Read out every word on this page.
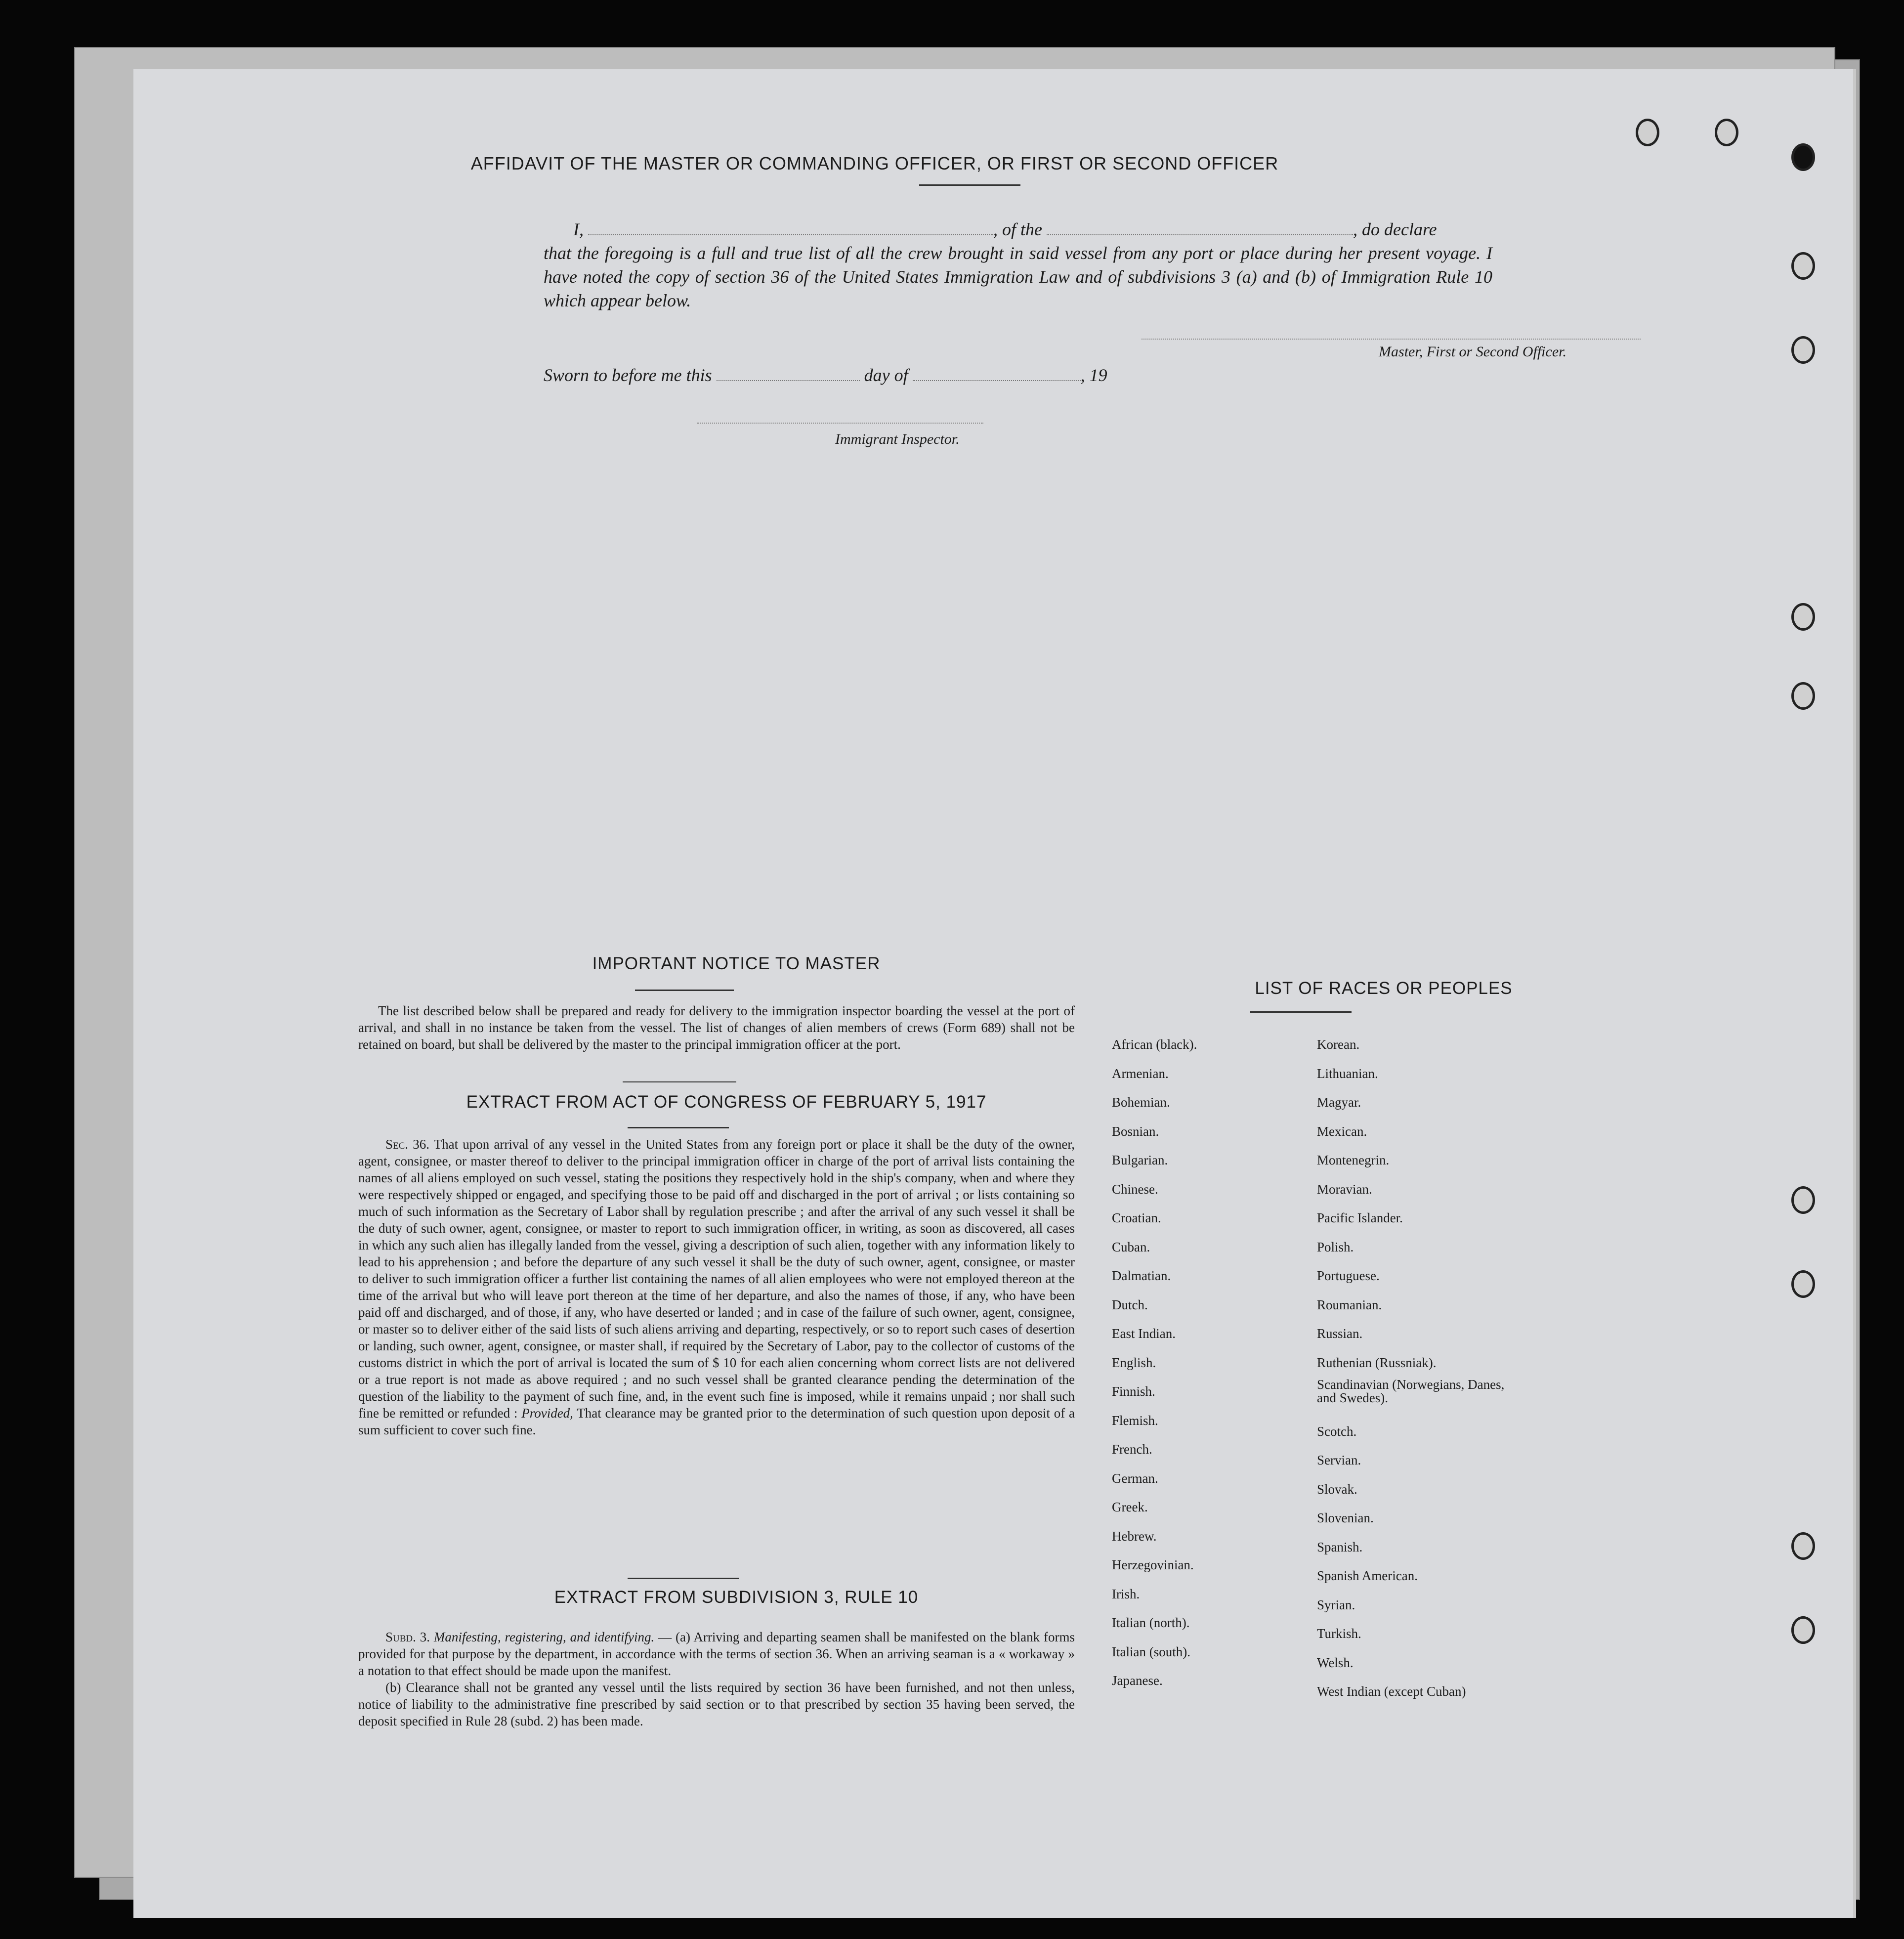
AFFIDAVIT OF THE MASTER OR COMMANDING OFFICER, OR FIRST OR SECOND OFFICER
I,	, of the	, do declare
that the foregoing is a full and true list of all the crew brought in said vessel from any port or place during her present voyage. I have noted the copy of section 36 of the United States Immigration Law and of subdivisions 3 (a) and (b) of Immigration Rule 10 which appear below.
Master, First or Second Officer.
Sworn to before me this	day of	, 19
Immigrant Inspector.
IMPORTANT NOTICE TO MASTER
The list described below shall be prepared and ready for delivery to the immigration inspector boarding the vessel at the port of arrival, and shall in no instance be taken from the vessel. The list of changes of alien members of crews (Form 689) shall not be retained on board, but shall be delivered by the master to the principal immigration officer at the port.
EXTRACT FROM ACT OF CONGRESS OF FEBRUARY 5, 1917
Sec. 36. That upon arrival of any vessel in the United States from any foreign port or place it shall be the duty of the owner, agent, consignee, or master thereof to deliver to the principal immigration officer in charge of the port of arrival lists containing the names of all aliens employed on such vessel, stating the positions they respectively hold in the ship's company, when and where they were respectively shipped or engaged, and specifying those to be paid off and discharged in the port of arrival ; or lists containing so much of such information as the Secretary of Labor shall by regulation prescribe ; and after the arrival of any such vessel it shall be the duty of such owner, agent, consignee, or master to report to such immigration officer, in writing, as soon as discovered, all cases in which any such alien has illegally landed from the vessel, giving a description of such alien, together with any information likely to lead to his apprehension ; and before the departure of any such vessel it shall be the duty of such owner, agent, consignee, or master to deliver to such immigration officer a further list containing the names of all alien employees who were not employed thereon at the time of the arrival but who will leave port thereon at the time of her departure, and also the names of those, if any, who have been paid off and discharged, and of those, if any, who have deserted or landed ; and in case of the failure of such owner, agent, consignee, or master so to deliver either of the said lists of such aliens arriving and departing, respectively, or so to report such cases of desertion or landing, such owner, agent, consignee, or master shall, if required by the Secretary of Labor, pay to the collector of customs of the customs district in which the port of arrival is located the sum of $ 10 for each alien concerning whom correct lists are not delivered or a true report is not made as above required ; and no such vessel shall be granted clearance pending the determination of the question of the liability to the payment of such fine, and, in the event such fine is imposed, while it remains unpaid ; nor shall such fine be remitted or refunded : Provided, That clearance may be granted prior to the determination of such question upon deposit of a sum sufficient to cover such fine.
EXTRACT FROM SUBDIVISION 3, RULE 10
Subd. 3. Manifesting, registering, and identifying. — (a) Arriving and departing seamen shall be manifested on the blank forms provided for that purpose by the department, in accordance with the terms of section 36. When an arriving seaman is a « workaway » a notation to that effect should be made upon the manifest.
(b) Clearance shall not be granted any vessel until the lists required by section 36 have been furnished, and not then unless, notice of liability to the administrative fine prescribed by said section or to that prescribed by section 35 having been served, the deposit specified in Rule 28 (subd. 2) has been made.
LIST OF RACES OR PEOPLES
African (black).
Armenian.
Bohemian.
Bosnian.
Bulgarian.
Chinese.
Croatian.
Cuban.
Dalmatian.
Dutch.
East Indian.
English.
Finnish.
Flemish.
French.
German.
Greek.
Hebrew.
Herzegovinian.
Irish.
Italian (north).
Italian (south).
Japanese.
Korean.
Lithuanian.
Magyar.
Mexican.
Montenegrin.
Moravian.
Pacific Islander.
Polish.
Portuguese.
Roumanian.
Russian.
Ruthenian (Russniak).
Scandinavian (Norwegians, Danes, and Swedes).
Scotch.
Servian.
Slovak.
Slovenian.
Spanish.
Spanish American.
Syrian.
Turkish.
Welsh.
West Indian (except Cuban)
